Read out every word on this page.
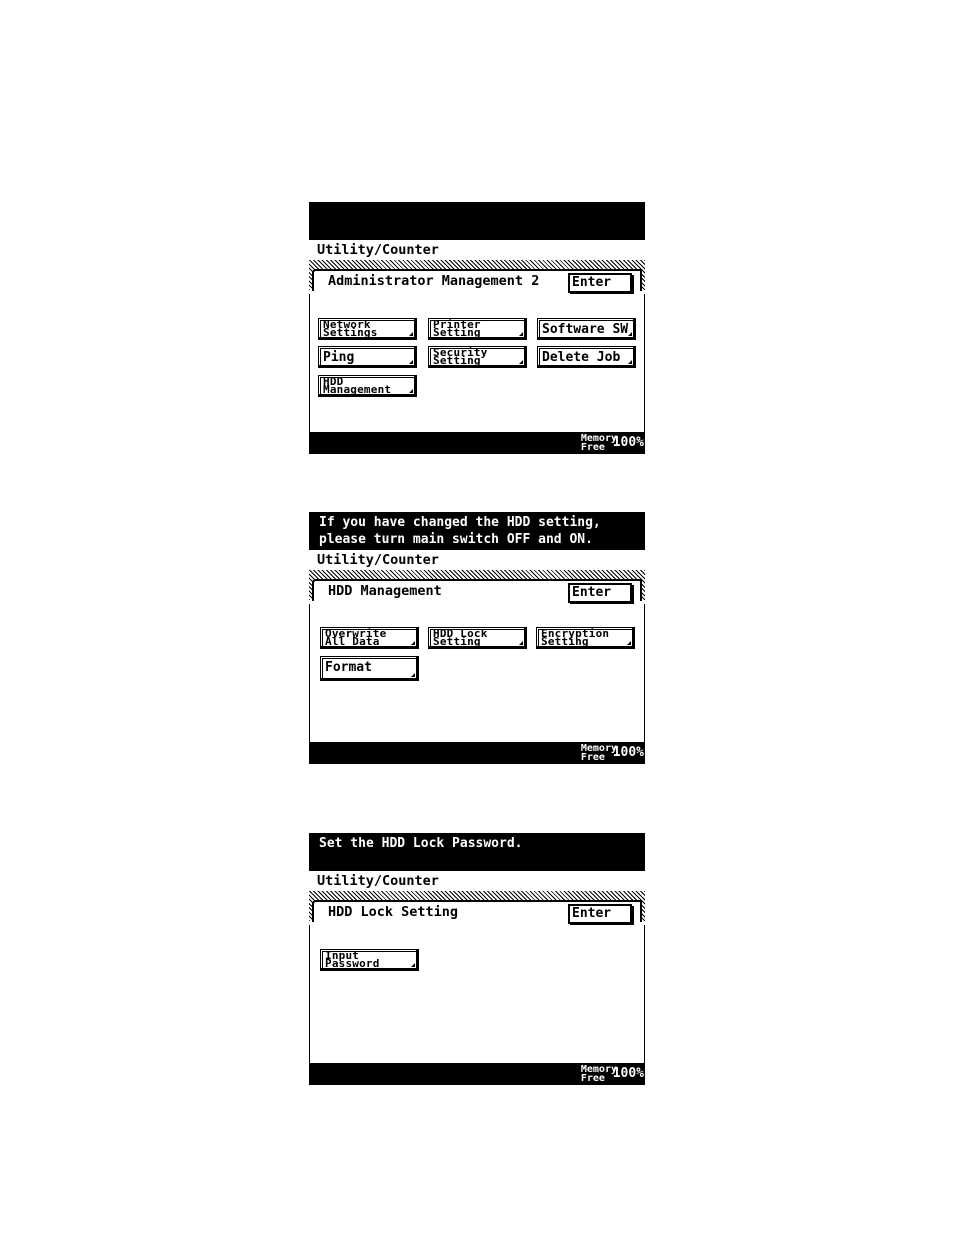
Utility/Counter
Administrator Management 2	Enter
Network
Settings
Printer
Setting	Software SW
Ping	Security
Setting	Delete Job
HDD
Management
Memory
Free 100%
If you have changed the HDD setting,
please turn main switch OFF and ON.
Utility/Counter
HDD Management	Enter
Overwrite
All Data
HDD Lock
Setting
Encryption
Setting
Format
Memory
Free 100%
Set the HDD Lock Password.
Utility/Counter
HDD Lock Setting	Enter
Input
Password
Memory
Free 100%
